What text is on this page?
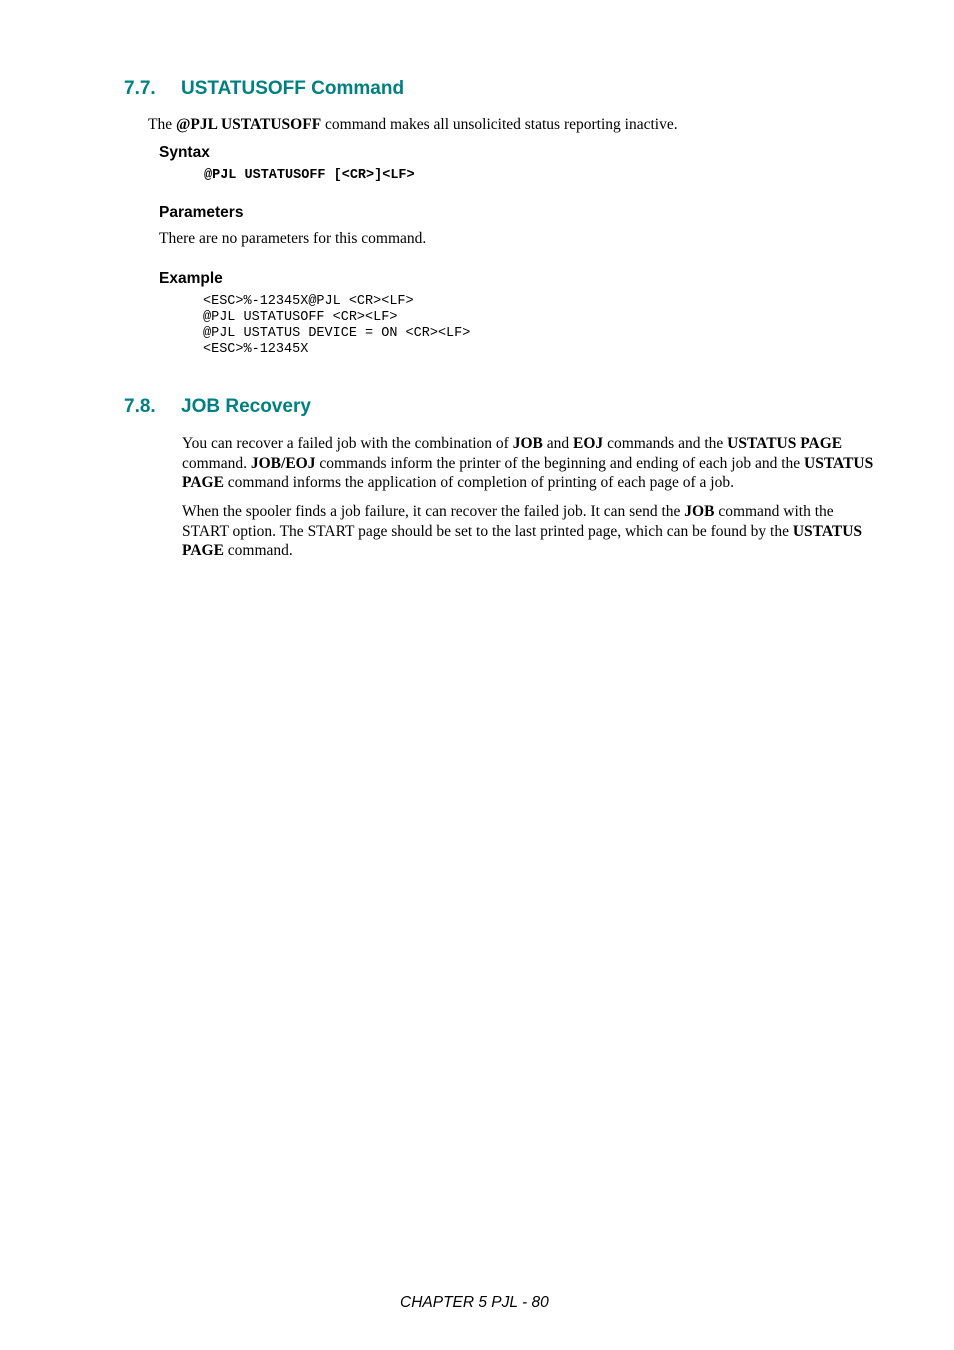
7.7. USTATUSOFF Command

The @PJL USTATUSOFF command makes all unsolicited status reporting inactive.

Syntax
@PJL USTATUSOFF [<CR>]<LF>
Parameters

There are no parameters for this command.

Example
<ESC>%-12345X@PJL <CR><LF>
@PJL USTATUSOFF <CR><LF>
@PJL USTATUS DEVICE = ON <CR><LF>
<ESC>%-12345X
7.8. JOB Recovery

You can recover a failed job with the combination of JOB and EOJ commands and the USTATUS PAGE command. JOB/EOJ commands inform the printer of the beginning and ending of each job and the USTATUS PAGE command informs the application of completion of printing of each page of a job.

When the spooler finds a job failure, it can recover the failed job. It can send the JOB command with the START option. The START page should be set to the last printed page, which can be found by the USTATUS PAGE command.

CHAPTER 5 PJL - 80
